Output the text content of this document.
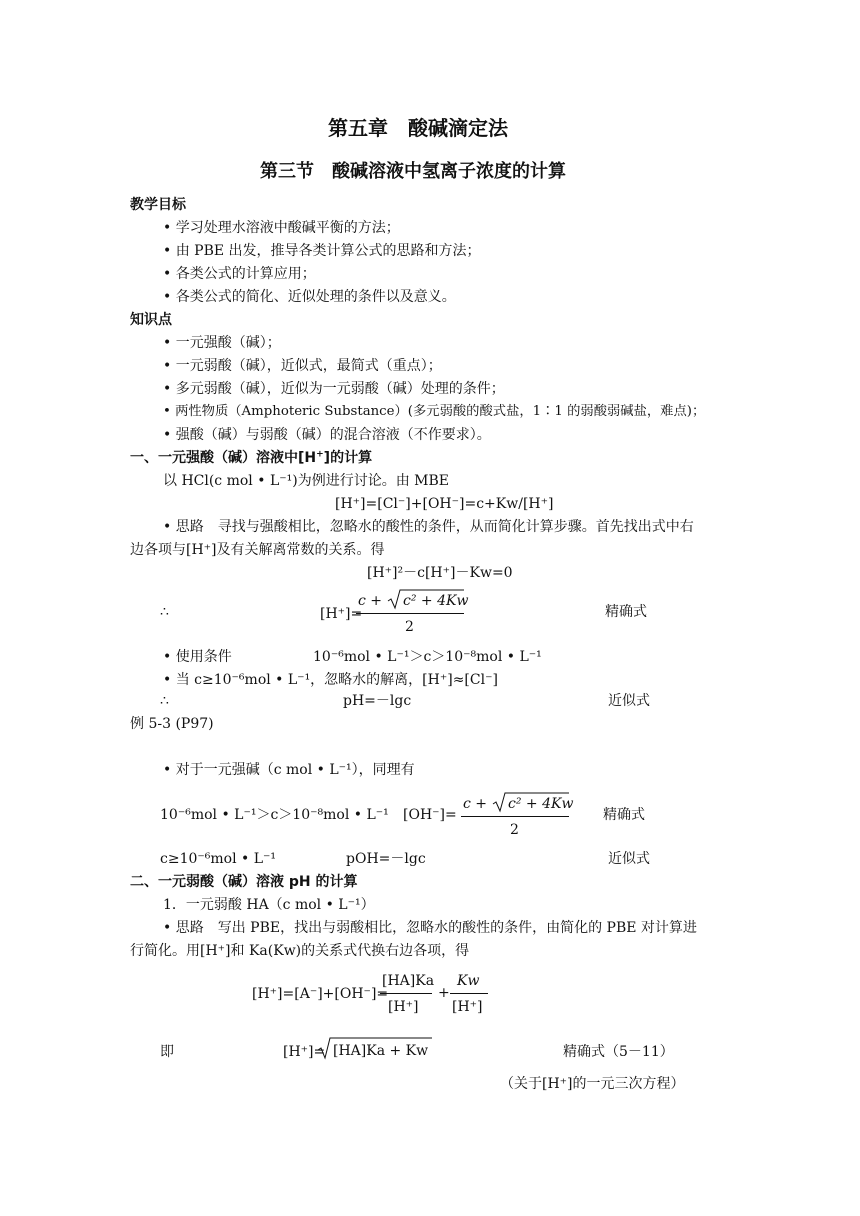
第五章　酸碱滴定法
第三节　酸碱溶液中氢离子浓度的计算
教学目标
• 学习处理水溶液中酸碱平衡的方法；
• 由 PBE 出发，推导各类计算公式的思路和方法；
• 各类公式的计算应用；
• 各类公式的简化、近似处理的条件以及意义。
知识点
• 一元强酸（碱）；
• 一元弱酸（碱），近似式，最简式（重点）；
• 多元弱酸（碱），近似为一元弱酸（碱）处理的条件；
• 两性物质（Amphoteric Substance）(多元弱酸的酸式盐，1∶1 的弱酸弱碱盐，难点)；
• 强酸（碱）与弱酸（碱）的混合溶液（不作要求）。
一、一元强酸（碱）溶液中[H+]的计算
以 HCl(c mol • L⁻¹)为例进行讨论。由 MBE
[H⁺]=[Cl⁻]+[OH⁻]=c+Kw/[H⁺]
• 思路　寻找与强酸相比，忽略水的酸性的条件，从而简化计算步骤。首先找出式中右
边各项与[H⁺]及有关解离常数的关系。得
[H⁺]²－c[H⁺]－Kw=0
∴	[H⁺]=
c + c² + 4Kw
2
精确式
• 使用条件	10⁻⁶mol • L⁻¹＞c＞10⁻⁸mol • L⁻¹
• 当 c≥10⁻⁶mol • L⁻¹，忽略水的解离，[H⁺]≈[Cl⁻]
∴	pH=－lgc	近似式
例 5-3 (P97)
• 对于一元强碱（c mol • L⁻¹），同理有
10⁻⁶mol • L⁻¹＞c＞10⁻⁸mol • L⁻¹ [OH⁻]=
c + c² + 4Kw
2
精确式
c≥10⁻⁶mol • L⁻¹	pOH=－lgc	近似式
二、一元弱酸（碱）溶液 pH 的计算
1．一元弱酸 HA（c mol • L⁻¹）
• 思路　写出 PBE，找出与弱酸相比，忽略水的酸性的条件，由简化的 PBE 对计算进
行简化。用[H⁺]和 Ka(Kw)的关系式代换右边各项，得
[H⁺]=[A⁻]+[OH⁻]=
[HA]Ka
[H⁺]
+
Kw
[H⁺]
即	[H⁺]= [HA]Ka + Kw	精确式（5－11）
（关于[H⁺]的一元三次方程）
